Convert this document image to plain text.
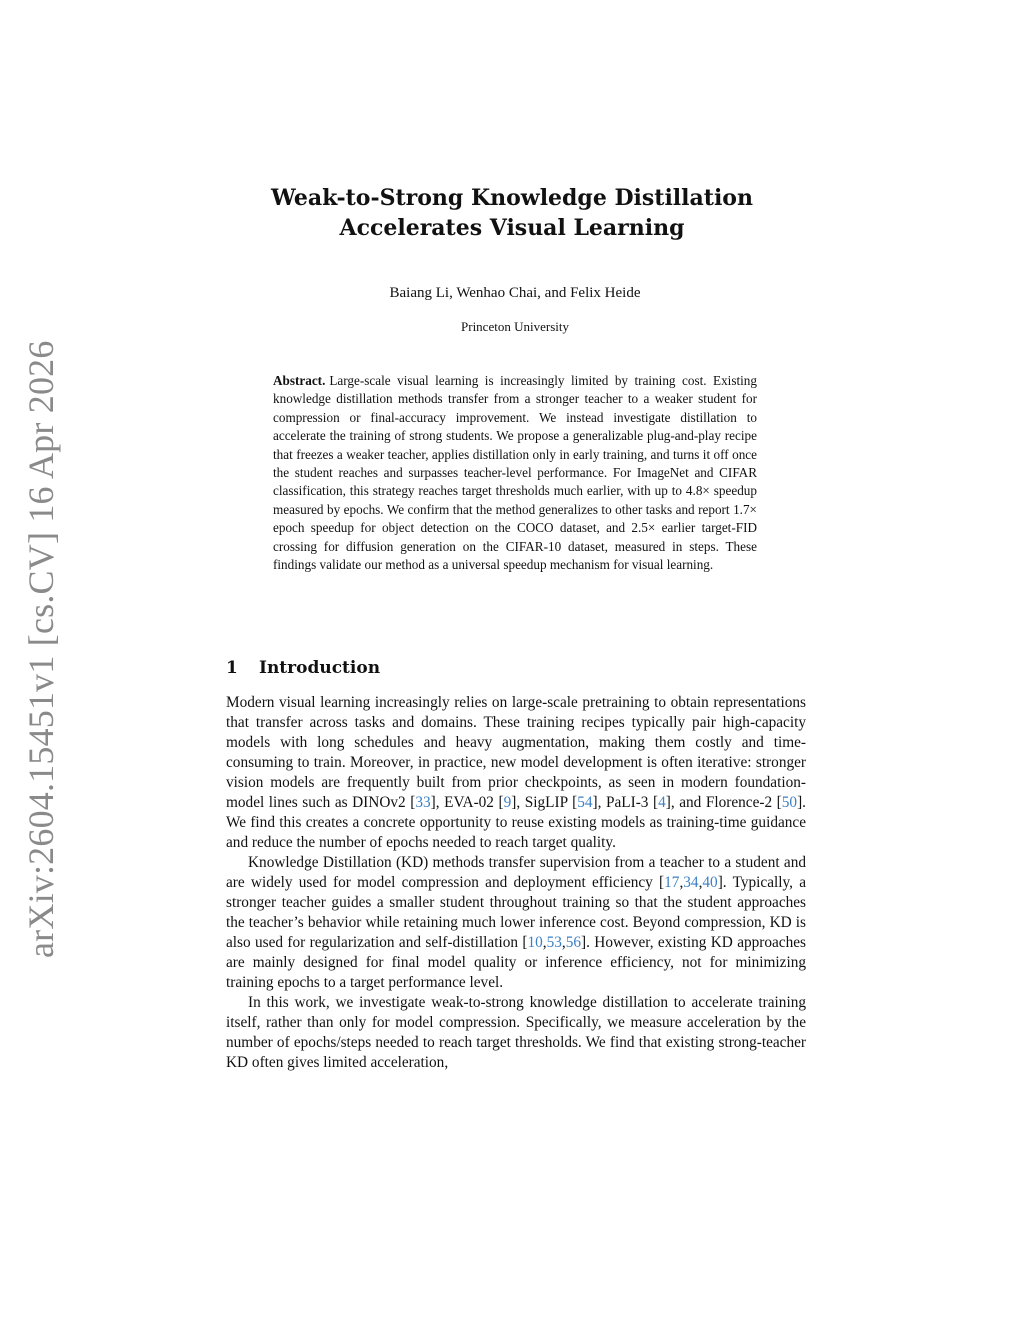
arXiv:2604.15451v1 [cs.CV] 16 Apr 2026
Weak-to-Strong Knowledge Distillation
Accelerates Visual Learning
Baiang Li, Wenhao Chai, and Felix Heide
Princeton University

Abstract. Large-scale visual learning is increasingly limited by training cost. Existing knowledge distillation methods transfer from a stronger teacher to a weaker student for compression or final-accuracy improvement. We instead investigate distillation to accelerate the training of strong students. We propose a generalizable plug-and-play recipe that freezes a weaker teacher, applies distillation only in early training, and turns it off once the student reaches and surpasses teacher-level performance. For ImageNet and CIFAR classification, this strategy reaches target thresholds much earlier, with up to 4.8× speedup measured by epochs. We confirm that the method generalizes to other tasks and report 1.7× epoch speedup for object detection on the COCO dataset, and 2.5× earlier target-FID crossing for diffusion generation on the CIFAR-10 dataset, measured in steps. These findings validate our method as a universal speedup mechanism for visual learning.

1 Introduction

Modern visual learning increasingly relies on large-scale pretraining to obtain representations that transfer across tasks and domains. These training recipes typically pair high-capacity models with long schedules and heavy augmentation, making them costly and time-consuming to train. Moreover, in practice, new model development is often iterative: stronger vision models are frequently built from prior checkpoints, as seen in modern foundation-model lines such as DINOv2 [33], EVA-02 [9], SigLIP [54], PaLI-3 [4], and Florence-2 [50]. We find this creates a concrete opportunity to reuse existing models as training-time guidance and reduce the number of epochs needed to reach target quality.

Knowledge Distillation (KD) methods transfer supervision from a teacher to a student and are widely used for model compression and deployment efficiency [17,34,40]. Typically, a stronger teacher guides a smaller student throughout training so that the student approaches the teacher’s behavior while retaining much lower inference cost. Beyond compression, KD is also used for regularization and self-distillation [10,53,56]. However, existing KD approaches are mainly designed for final model quality or inference efficiency, not for minimizing training epochs to a target performance level.

In this work, we investigate weak-to-strong knowledge distillation to accelerate training itself, rather than only for model compression. Specifically, we measure acceleration by the number of epochs/steps needed to reach target thresholds. We find that existing strong-teacher KD often gives limited acceleration,
